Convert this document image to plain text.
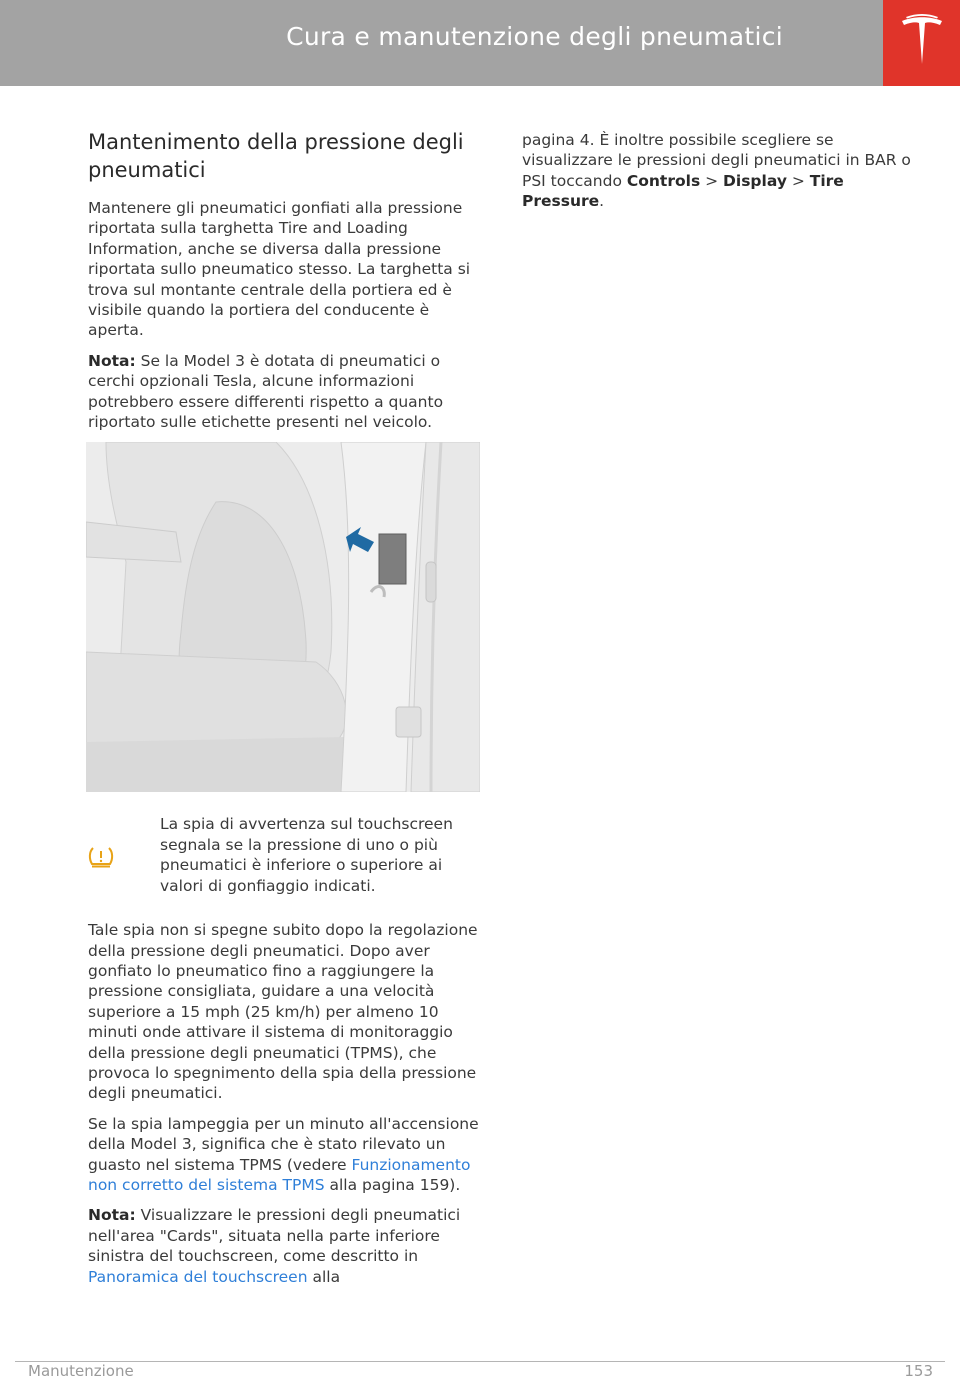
Cura e manutenzione degli pneumatici
Mantenimento della pressione degli pneumatici

Mantenere gli pneumatici gonfiati alla pressione riportata sulla targhetta Tire and Loading Information, anche se diversa dalla pressione riportata sullo pneumatico stesso. La targhetta si trova sul montante centrale della portiera ed è visibile quando la portiera del conducente è aperta.

Nota: Se la Model 3 è dotata di pneumatici o cerchi opzionali Tesla, alcune informazioni potrebbero essere differenti rispetto a quanto riportato sulle etichette presenti nel veicolo.

La spia di avvertenza sul touchscreen segnala se la pressione di uno o più pneumatici è inferiore o superiore ai valori di gonfiaggio indicati.

Tale spia non si spegne subito dopo la regolazione della pressione degli pneumatici. Dopo aver gonfiato lo pneumatico fino a raggiungere la pressione consigliata, guidare a una velocità superiore a 15 mph (25 km/h) per almeno 10 minuti onde attivare il sistema di monitoraggio della pressione degli pneumatici (TPMS), che provoca lo spegnimento della spia della pressione degli pneumatici.

Se la spia lampeggia per un minuto all'accensione della Model 3, significa che è stato rilevato un guasto nel sistema TPMS (vedere Funzionamento non corretto del sistema TPMS alla pagina 159).

Nota: Visualizzare le pressioni degli pneumatici nell'area "Cards", situata nella parte inferiore sinistra del touchscreen, come descritto in Panoramica del touchscreen alla

pagina 4. È inoltre possibile scegliere se visualizzare le pressioni degli pneumatici in BAR o PSI toccando Controls > Display > Tire Pressure.

Manutenzione	153
